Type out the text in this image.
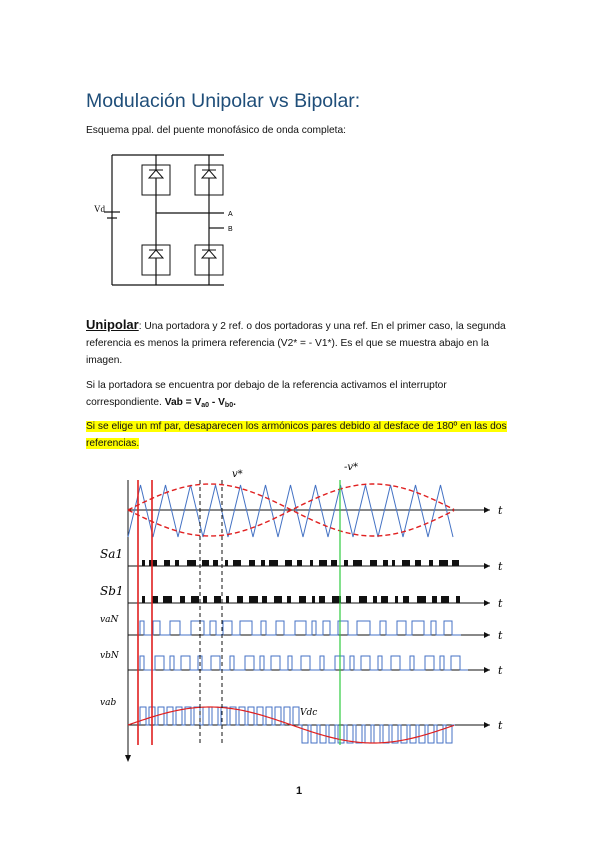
Modulación Unipolar vs Bipolar:
Esquema ppal. del puente monofásico de onda completa:
Vd
A
B
Unipolar: Una portadora y 2 ref. o dos portadoras y una ref. En el primer caso, la segunda referencia es menos la primera referencia (V2* = - V1*). Es el que se muestra abajo en la imagen.
Si la portadora se encuentra por debajo de la referencia activamos el interruptor correspondiente. Vab = $V_{a0} - V_{b0}$.
Si se elige un mf par, desaparecen los armónicos pares debido al desface de 180º en las dos referencias.
t
t
t
t
t
t
v*
-v*
Sa1
Sb1
vaN
vbN
vab
Vdc
1
